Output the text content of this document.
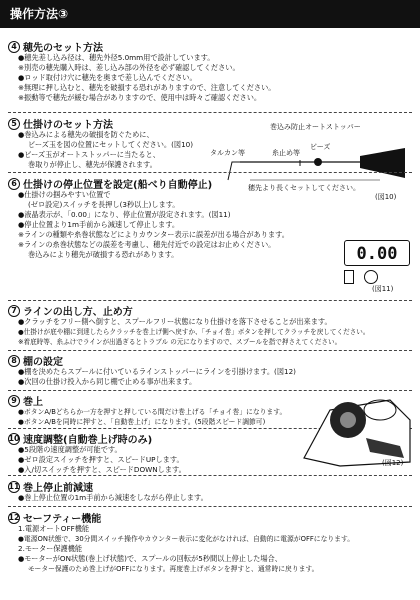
操作方法③
4 穂先のセット方法
●穂先差し込み径は、穂先外径5.0mm用で設計しています。
※別売の穂先購入時は、差し込み部の外径を必ず確認してください。
●ロッド取付け穴に穂先を奥まで差し込んでください。
※無理に押し込むと、穂先を破損する恐れがありますので、注意してください。
※振動等で穂先が緩む場合がありますので、使用中は時々ご確認ください。
5 仕掛けのセット方法
●巻込みによる穂先の破損を防ぐために、
ビーズ玉を図の位置にセットしてください。(図10)
●ビーズ玉がオートストッパーに当たると、
巻取りが停止し、穂先が保護されます。
巻込み防止オートストッパー
ビーズ
タルカン等	糸止め等
穂先より長くセットしてください。
(図10)
6 仕掛けの停止位置を設定(船べり自動停止)
●仕掛けの掴みやすい位置で
(ゼロ設定)スイッチを長押し(3秒以上)します。
●液晶表示が、「0.00」になり、停止位置が設定されます。(図11)
●停止位置より1m手前から減速して停止します。
※ラインの種類や糸巻状態などによりカウンター表示に誤差が出る場合があります。
※ラインの糸巻状態などの誤差を考慮し、穂先付近での設定はお止めください。
巻込みにより穂先が破損する恐れがあります。	0.00
(図11)
7 ラインの出し方、止め方
●クラッチをフリー側へ倒すと、スプールフリー状態になり仕掛けを落下させることが出来ます。
●仕掛けが底や棚に到達したらクラッチを巻上げ側へ戻すか、「チョイ巻」ボタンを押してクラッチを戻してください。
※着底時等、糸ふけでラインが出過ぎるとトラブル の元になりますので、スプールを指で押さえてください。
8 棚の設定
●棚を決めたらスプールに付いているラインストッパーにラインを引掛けます。(図12)
●次回の仕掛け投入から同じ棚で止める事が出来ます。
9 巻上
●ボタンA/Bどちらか一方を押すと押している間だけ巻上げる「チョイ巻」になります。
●ボタンA/Bを同時に押すと、「自動巻上げ」になります。(5段階スピード調節可)
10 速度調整(自動巻上げ時のみ)
●5段階の速度調整が可能です。
●ゼロ設定スイッチを押すと、スピードUPします。
●入/切スイッチを押すと、スピードDOWNします。
(図12)
11 巻上停止前減速
●巻上停止位置の1m手前から減速をしながら停止します。
12 セーフティー機能
1.電源オートOFF機能
●電源ON状態で、30分間スイッチ操作やカウンター表示に変化がなければ、自動的に電源がOFFになります。
2.モーター保護機能
●モーターがON状態(巻上げ状態)で、スプールの回転が5秒間以上停止した場合、
モーター保護のため巻上げがOFFになります。再度巻上げボタンを押すと、通常時に戻ります。
